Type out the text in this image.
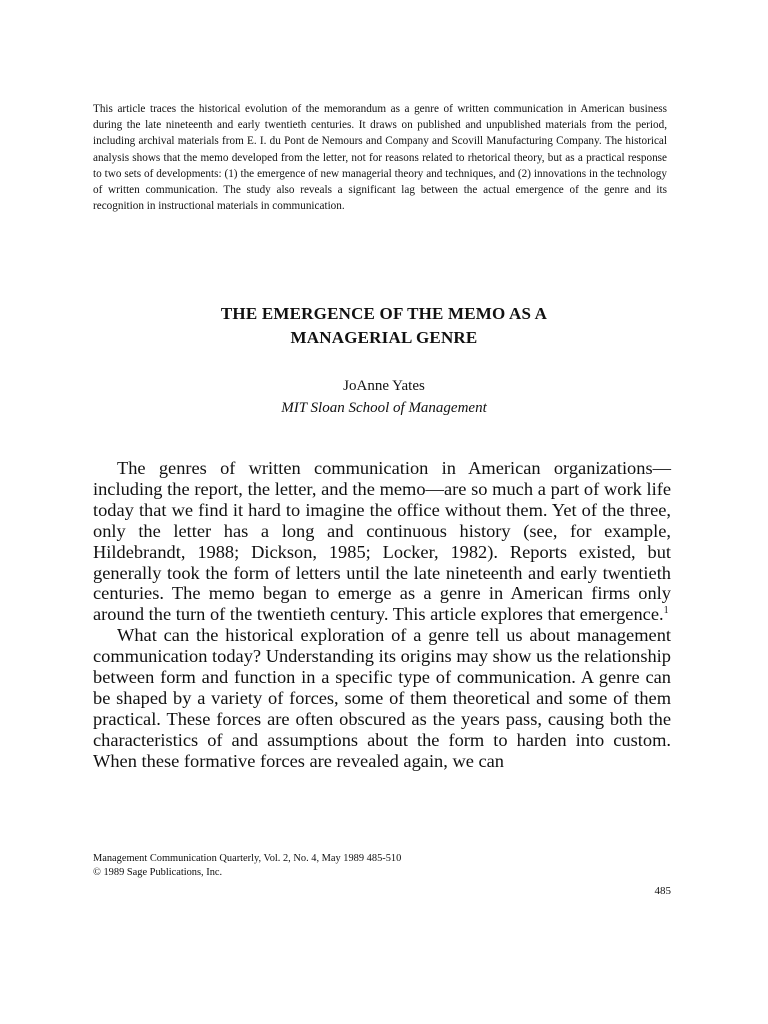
This article traces the historical evolution of the memorandum as a genre of written communication in American business during the late nineteenth and early twentieth centuries. It draws on published and unpublished materials from the period, including archival materials from E. I. du Pont de Nemours and Company and Scovill Manufacturing Company. The historical analysis shows that the memo developed from the letter, not for reasons related to rhetorical theory, but as a practical response to two sets of developments: (1) the emergence of new managerial theory and techniques, and (2) innovations in the technology of written communication. The study also reveals a significant lag between the actual emergence of the genre and its recognition in instructional materials in communication.
THE EMERGENCE OF THE MEMO AS A
MANAGERIAL GENRE
JoAnne Yates
MIT Sloan School of Management

The genres of written communication in American organizations—including the report, the letter, and the memo—are so much a part of work life today that we find it hard to imagine the office without them. Yet of the three, only the letter has a long and continuous history (see, for example, Hildebrandt, 1988; Dickson, 1985; Locker, 1982). Reports existed, but generally took the form of letters until the late nineteenth and early twentieth centuries. The memo began to emerge as a genre in American firms only around the turn of the twentieth century. This article explores that emergence.$^1$

What can the historical exploration of a genre tell us about management communication today? Understanding its origins may show us the relationship between form and function in a specific type of communication. A genre can be shaped by a variety of forces, some of them theoretical and some of them practical. These forces are often obscured as the years pass, causing both the characteristics of and assumptions about the form to harden into custom. When these formative forces are revealed again, we can

Management Communication Quarterly, Vol. 2, No. 4, May 1989 485-510
© 1989 Sage Publications, Inc.
485
